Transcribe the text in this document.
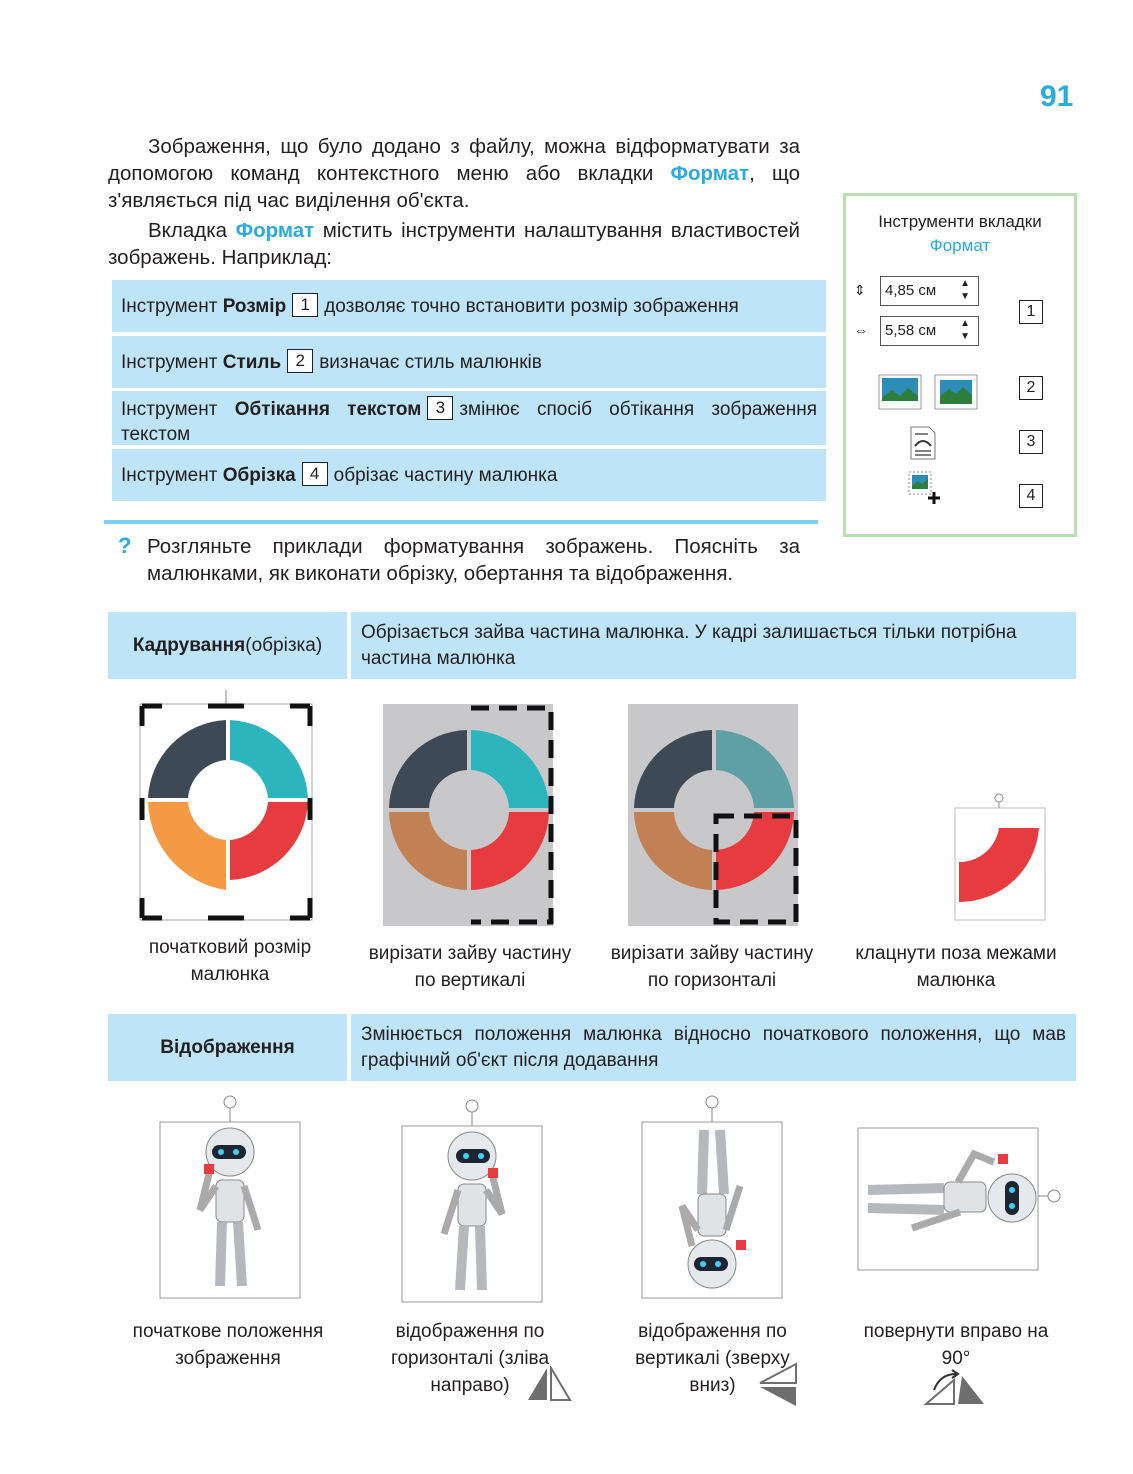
91
Зображення, що було додано з файлу, можна відформатувати за допомогою команд контекстного меню або вкладки Формат, що з'являється під час виділення об'єкта.
Вкладка Формат містить інструменти налаштування властивостей зображень. Наприклад:
Інструмент Розмір 1 дозволяє точно встановити розмір зображення
Інструмент Стиль 2 визначає стиль малюнків
Інструмент Обтікання текстом 3 змінює спосіб обтікання зображення текстом
Інструмент Обрізка 4 обрізає частину малюнка
Інструменти вкладки
Формат
⇕	4,85 см ▲
▼
⇔	5,58 см ▲
▼
1
2
3
4
? Розгляньте приклади форматування зображень. Поясніть за малюнками, як виконати обрізку, обертання та відображення.
Кадрування (обрізка)
Обрізається зайва частина малюнка. У кадрі залишається тільки потрібна частина малюнка
початковий розмір малюнка
вирізати зайву частину по вертикалі
вирізати зайву частину по горизонталі
клацнути поза межами малюнка
Відображення
Змінюється положення малюнка відносно початкового положення, що мав графічний об'єкт після додавання
початкове положення зображення
відображення по горизонталі (зліва направо)
відображення по вертикалі (зверху вниз)
повернути вправо на 90°
